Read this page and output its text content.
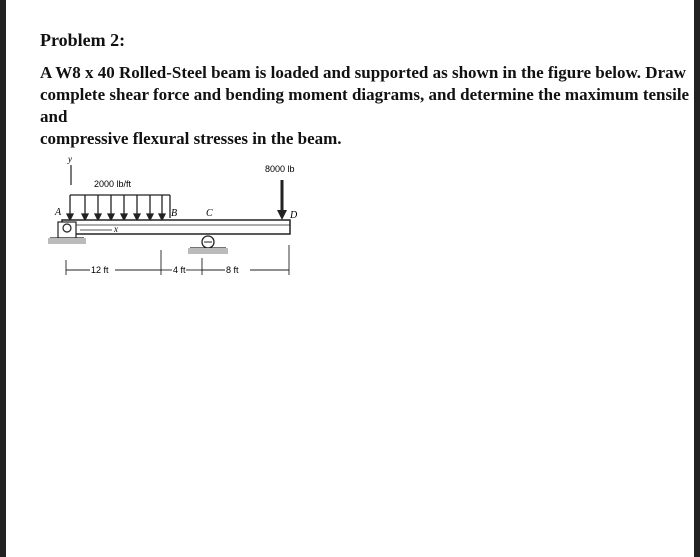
Problem 2:
A W8 x 40 Rolled-Steel beam is loaded and supported as shown in the figure below. Draw
complete shear force and bending moment diagrams, and determine the maximum tensile and
compressive flexural stresses in the beam.
y
2000 lb/ft
A	B	C	D
x
8000 lb
12 ft	4 ft	8 ft
